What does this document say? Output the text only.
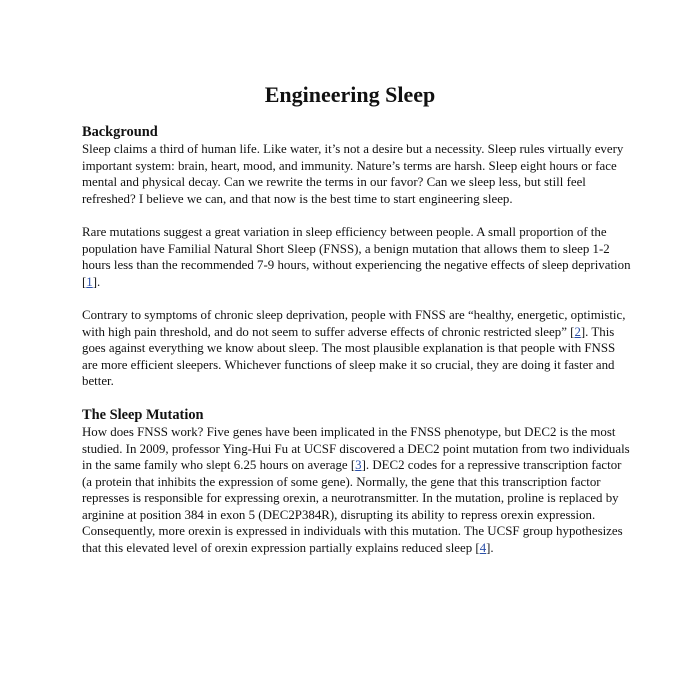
Engineering Sleep
Background
Sleep claims a third of human life. Like water, it’s not a desire but a necessity. Sleep rules virtually every
important system: brain, heart, mood, and immunity. Nature’s terms are harsh. Sleep eight hours or face
mental and physical decay. Can we rewrite the terms in our favor? Can we sleep less, but still feel
refreshed? I believe we can, and that now is the best time to start engineering sleep.
Rare mutations suggest a great variation in sleep efficiency between people. A small proportion of the
population have Familial Natural Short Sleep (FNSS), a benign mutation that allows them to sleep 1-2
hours less than the recommended 7-9 hours, without experiencing the negative effects of sleep deprivation
[1].
Contrary to symptoms of chronic sleep deprivation, people with FNSS are “healthy, energetic, optimistic,
with high pain threshold, and do not seem to suffer adverse effects of chronic restricted sleep” [2]. This
goes against everything we know about sleep. The most plausible explanation is that people with FNSS
are more efficient sleepers. Whichever functions of sleep make it so crucial, they are doing it faster and
better.
The Sleep Mutation
How does FNSS work? Five genes have been implicated in the FNSS phenotype, but DEC2 is the most
studied. In 2009, professor Ying-Hui Fu at UCSF discovered a DEC2 point mutation from two individuals
in the same family who slept 6.25 hours on average [3]. DEC2 codes for a repressive transcription factor
(a protein that inhibits the expression of some gene). Normally, the gene that this transcription factor
represses is responsible for expressing orexin, a neurotransmitter. In the mutation, proline is replaced by
arginine at position 384 in exon 5 (DEC2P384R), disrupting its ability to repress orexin expression.
Consequently, more orexin is expressed in individuals with this mutation. The UCSF group hypothesizes
that this elevated level of orexin expression partially explains reduced sleep [4].
